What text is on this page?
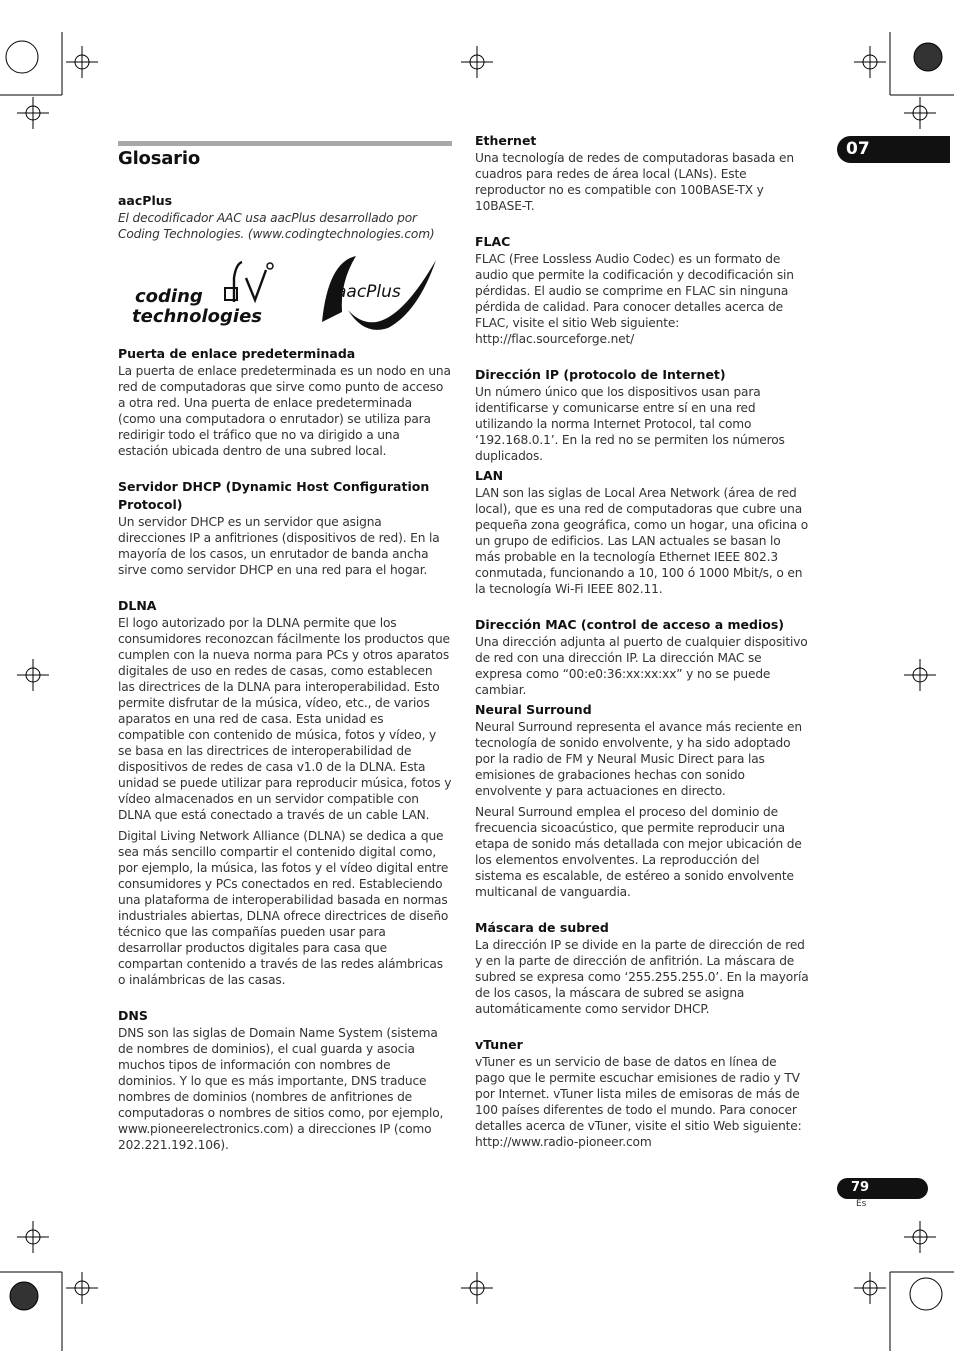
Glosario	07
aacPlus

El decodificador AAC usa aacPlus desarrollado por Coding Technologies. (www.codingtechnologies.com)

coding
technologies
aacPlus
Puerta de enlace predeterminada

La puerta de enlace predeterminada es un nodo en una red de computadoras que sirve como punto de acceso a otra red. Una puerta de enlace predeterminada (como una computadora o enrutador) se utiliza para redirigir todo el tráfico que no va dirigido a una estación ubicada dentro de una subred local.

Servidor DHCP (Dynamic Host Configuration Protocol)

Un servidor DHCP es un servidor que asigna direcciones IP a anfitriones (dispositivos de red). En la mayoría de los casos, un enrutador de banda ancha sirve como servidor DHCP en una red para el hogar.

DLNA

El logo autorizado por la DLNA permite que los consumidores reconozcan fácilmente los productos que cumplen con la nueva norma para PCs y otros aparatos digitales de uso en redes de casas, como establecen las directrices de la DLNA para interoperabilidad. Esto permite disfrutar de la música, vídeo, etc., de varios aparatos en una red de casa. Esta unidad es compatible con contenido de música, fotos y vídeo, y se basa en las directrices de interoperabilidad de dispositivos de redes de casa v1.0 de la DLNA. Esta unidad se puede utilizar para reproducir música, fotos y vídeo almacenados en un servidor compatible con DLNA que está conectado a través de un cable LAN.

Digital Living Network Alliance (DLNA) se dedica a que sea más sencillo compartir el contenido digital como, por ejemplo, la música, las fotos y el vídeo digital entre consumidores y PCs conectados en red. Estableciendo una plataforma de interoperabilidad basada en normas industriales abiertas, DLNA ofrece directrices de diseño técnico que las compañías pueden usar para desarrollar productos digitales para casa que compartan contenido a través de las redes alámbricas o inalámbricas de las casas.

DNS

DNS son las siglas de Domain Name System (sistema de nombres de dominios), el cual guarda y asocia muchos tipos de información con nombres de dominios. Y lo que es más importante, DNS traduce nombres de dominios (nombres de anfitriones de computadoras o nombres de sitios como, por ejemplo, www.pioneerelectronics.com) a direcciones IP (como 202.221.192.106).

Ethernet

Una tecnología de redes de computadoras basada en cuadros para redes de área local (LANs). Este reproductor no es compatible con 100BASE-TX y 10BASE-T.

FLAC

FLAC (Free Lossless Audio Codec) es un formato de audio que permite la codificación y decodificación sin pérdidas. El audio se comprime en FLAC sin ninguna pérdida de calidad. Para conocer detalles acerca de FLAC, visite el sitio Web siguiente: http://flac.sourceforge.net/

Dirección IP (protocolo de Internet)

Un número único que los dispositivos usan para identificarse y comunicarse entre sí en una red utilizando la norma Internet Protocol, tal como ‘192.168.0.1’. En la red no se permiten los números duplicados.

LAN

LAN son las siglas de Local Area Network (área de red local), que es una red de computadoras que cubre una pequeña zona geográfica, como un hogar, una oficina o un grupo de edificios. Las LAN actuales se basan lo más probable en la tecnología Ethernet IEEE 802.3 conmutada, funcionando a 10, 100 ó 1000 Mbit/s, o en la tecnología Wi-Fi IEEE 802.11.

Dirección MAC (control de acceso a medios)

Una dirección adjunta al puerto de cualquier dispositivo de red con una dirección IP. La dirección MAC se expresa como “00:e0:36:xx:xx:xx” y no se puede cambiar.

Neural Surround

Neural Surround representa el avance más reciente en tecnología de sonido envolvente, y ha sido adoptado por la radio de FM y Neural Music Direct para las emisiones de grabaciones hechas con sonido envolvente y para actuaciones en directo.

Neural Surround emplea el proceso del dominio de frecuencia sicoacústico, que permite reproducir una etapa de sonido más detallada con mejor ubicación de los elementos envolventes. La reproducción del sistema es escalable, de estéreo a sonido envolvente multicanal de vanguardia.

Máscara de subred

La dirección IP se divide en la parte de dirección de red y en la parte de dirección de anfitrión. La máscara de subred se expresa como ‘255.255.255.0’. En la mayoría de los casos, la máscara de subred se asigna automáticamente como servidor DHCP.

vTuner

vTuner es un servicio de base de datos en línea de pago que le permite escuchar emisiones de radio y TV por Internet. vTuner lista miles de emisoras de más de 100 países diferentes de todo el mundo. Para conocer detalles acerca de vTuner, visite el sitio Web siguiente: http://www.radio-pioneer.com

79
Es
